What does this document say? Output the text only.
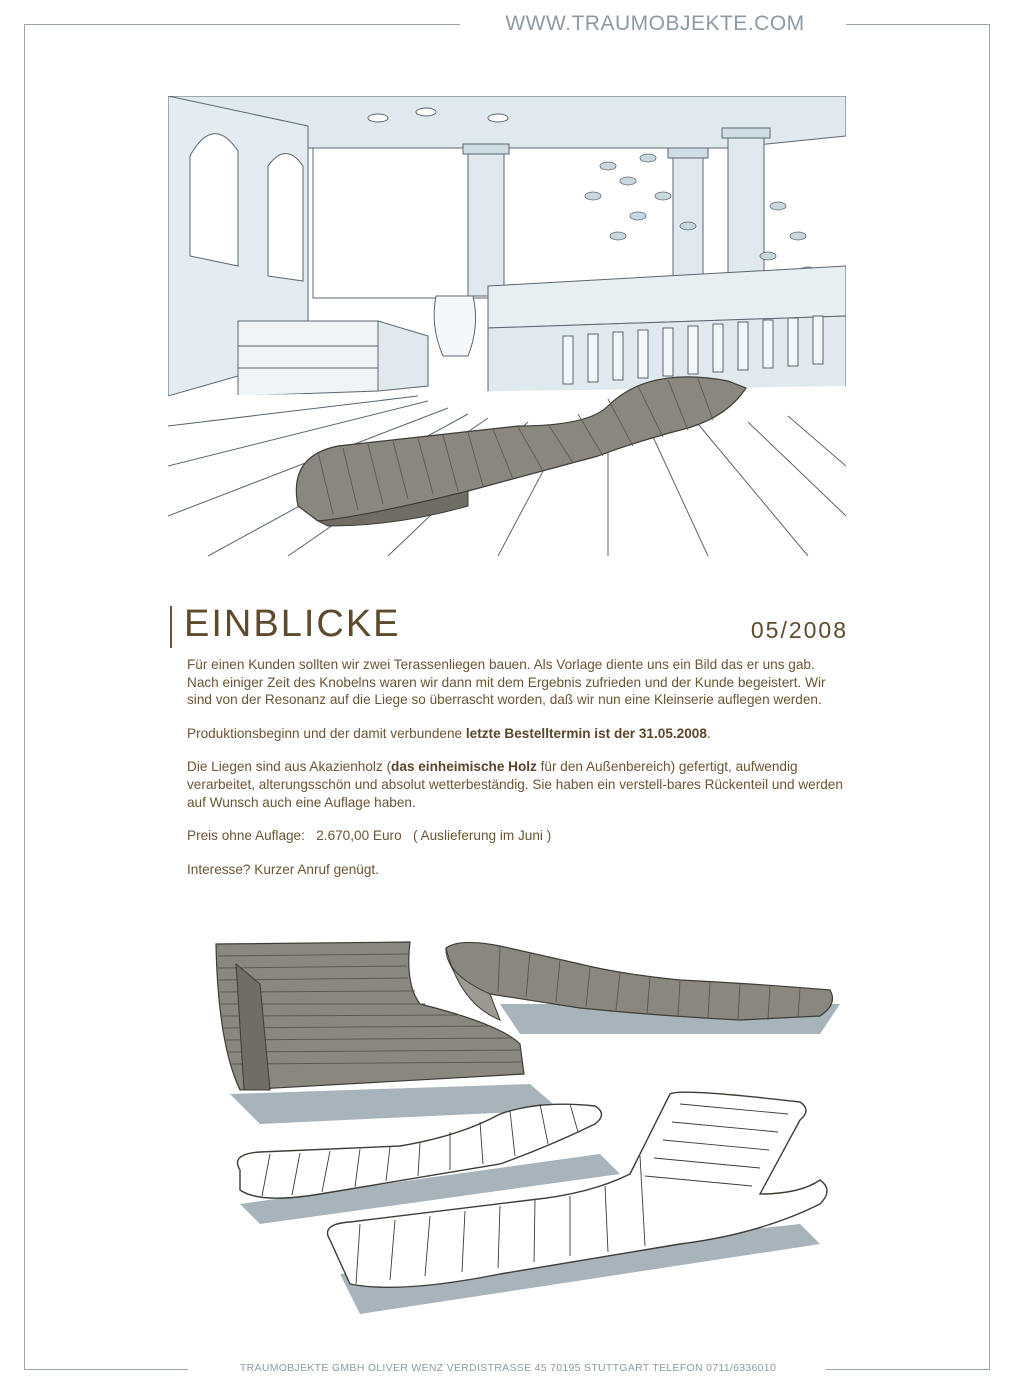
WWW.TRAUMOBJEKTE.COM
EINBLICKE	05/2008

Für einen Kunden sollten wir zwei Terassenliegen bauen. Als Vorlage diente uns ein Bild das er uns gab. Nach einiger Zeit des Knobelns waren wir dann mit dem Ergebnis zufrieden und der Kunde begeistert. Wir sind von der Resonanz auf die Liege so überrascht worden, daß wir nun eine Kleinserie auflegen werden.

Produktionsbeginn und der damit verbundene letzte Bestelltermin ist der 31.05.2008.

Die Liegen sind aus Akazienholz (das einheimische Holz für den Außenbereich) gefertigt, aufwendig verarbeitet, alterungsschön und absolut wetterbeständig. Sie haben ein verstell-bares Rückenteil und werden auf Wunsch auch eine Auflage haben.

Preis ohne Auflage:   2.670,00 Euro   ( Auslieferung im Juni )

Interesse? Kurzer Anruf genügt.

TRAUMOBJEKTE GMBH OLIVER WENZ VERDISTRASSE 45 70195 STUTTGART TELEFON 0711/6336010
